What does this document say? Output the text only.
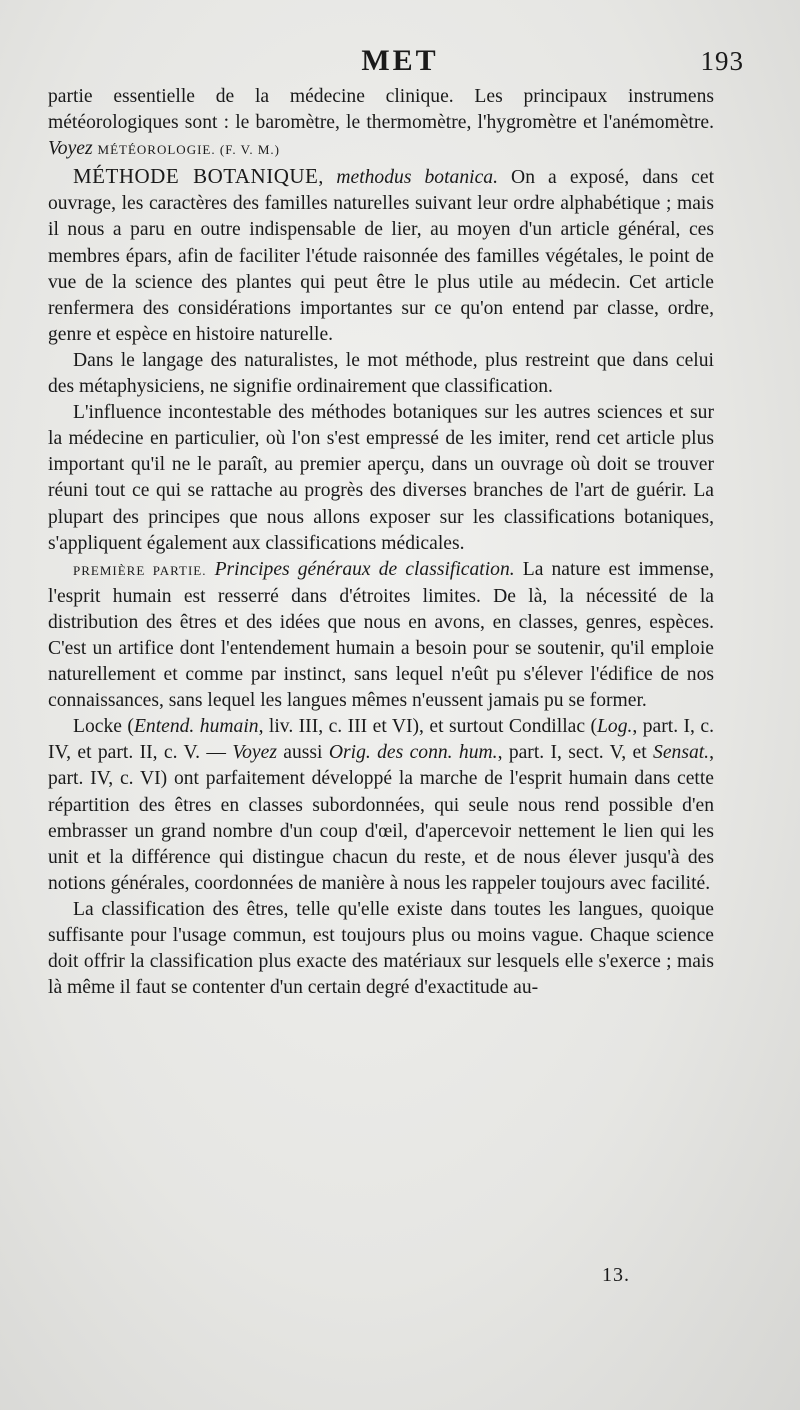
MET	193

partie essentielle de la médecine clinique. Les principaux instrumens météorologiques sont : le baromètre, le thermomètre, l'hygromètre et l'anémomètre. Voyez MÉTÉOROLOGIE. (F. V. M.)

MÉTHODE BOTANIQUE, methodus botanica. On a exposé, dans cet ouvrage, les caractères des familles naturelles suivant leur ordre alphabétique ; mais il nous a paru en outre indispensable de lier, au moyen d'un article général, ces membres épars, afin de faciliter l'étude raisonnée des familles végétales, le point de vue de la science des plantes qui peut être le plus utile au médecin. Cet article renfermera des considérations importantes sur ce qu'on entend par classe, ordre, genre et espèce en histoire naturelle.

Dans le langage des naturalistes, le mot méthode, plus restreint que dans celui des métaphysiciens, ne signifie ordinairement que classification.

L'influence incontestable des méthodes botaniques sur les autres sciences et sur la médecine en particulier, où l'on s'est empressé de les imiter, rend cet article plus important qu'il ne le paraît, au premier aperçu, dans un ouvrage où doit se trouver réuni tout ce qui se rattache au progrès des diverses branches de l'art de guérir. La plupart des principes que nous allons exposer sur les classifications botaniques, s'appliquent également aux classifications médicales.

PREMIÈRE PARTIE. Principes généraux de classification. La nature est immense, l'esprit humain est resserré dans d'étroites limites. De là, la nécessité de la distribution des êtres et des idées que nous en avons, en classes, genres, espèces. C'est un artifice dont l'entendement humain a besoin pour se soutenir, qu'il emploie naturellement et comme par instinct, sans lequel n'eût pu s'élever l'édifice de nos connaissances, sans lequel les langues mêmes n'eussent jamais pu se former.

Locke (Entend. humain, liv. III, c. III et VI), et surtout Condillac (Log., part. I, c. IV, et part. II, c. V. — Voyez aussi Orig. des conn. hum., part. I, sect. V, et Sensat., part. IV, c. VI) ont parfaitement développé la marche de l'esprit humain dans cette répartition des êtres en classes subordonnées, qui seule nous rend possible d'en embrasser un grand nombre d'un coup d'œil, d'apercevoir nettement le lien qui les unit et la différence qui distingue chacun du reste, et de nous élever jusqu'à des notions générales, coordonnées de manière à nous les rappeler toujours avec facilité.

La classification des êtres, telle qu'elle existe dans toutes les langues, quoique suffisante pour l'usage commun, est toujours plus ou moins vague. Chaque science doit offrir la classification plus exacte des matériaux sur lesquels elle s'exerce ; mais là même il faut se contenter d'un certain degré d'exactitude au-

13.
